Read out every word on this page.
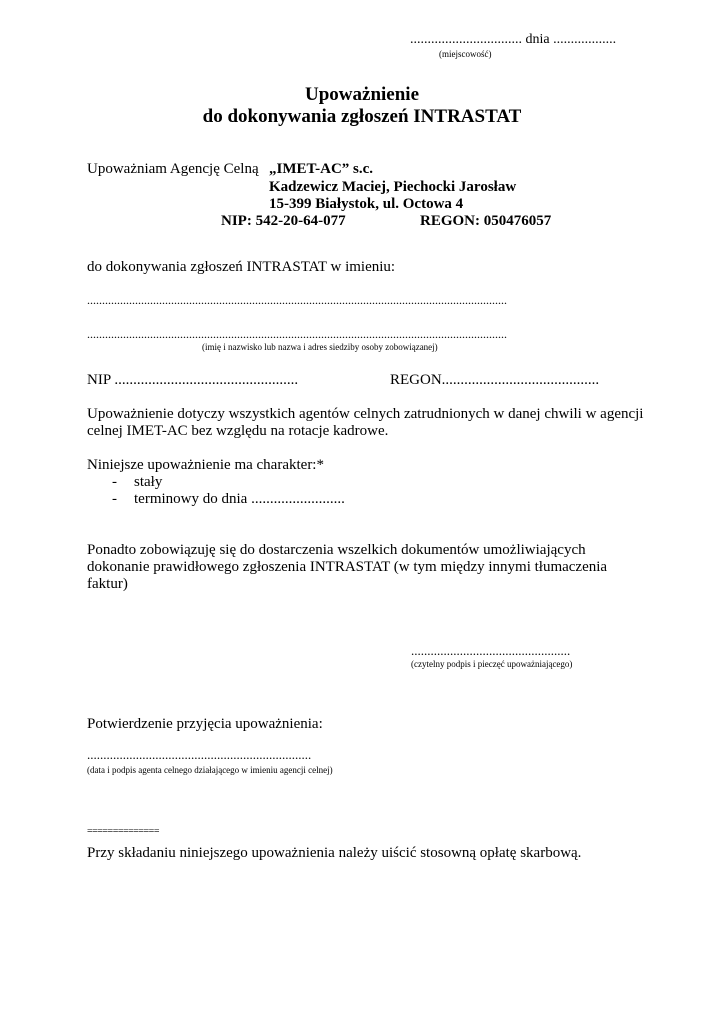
................................ dnia ..................
(miejscowość)
Upoważnienie
do dokonywania zgłoszeń INTRASTAT
Upoważniam Agencję Celną „IMET-AC” s.c.
Kadzewicz Maciej, Piechocki Jarosław
15-399 Białystok, ul. Octowa 4
NIP: 542-20-64-077	REGON: 050476057
do dokonywania zgłoszeń INTRASTAT w imieniu:
............................................................................................................................................
............................................................................................................................................
(imię i nazwisko lub nazwa i adres siedziby osoby zobowiązanej)
NIP .................................................	REGON..........................................
Upoważnienie dotyczy wszystkich agentów celnych zatrudnionych w danej chwili w agencji
celnej IMET-AC bez względu na rotacje kadrowe.
Niniejsze upoważnienie ma charakter:*
- stały
- terminowy do dnia .........................
Ponadto zobowiązuję się do dostarczenia wszelkich dokumentów umożliwiających
dokonanie prawidłowego zgłoszenia INTRASTAT (w tym między innymi tłumaczenia
faktur)
.................................................
(czytelny podpis i pieczęć upoważniającego)
Potwierdzenie przyjęcia upoważnienia:
.....................................................................
(data i podpis agenta celnego działającego w imieniu agencji celnej)
==============
Przy składaniu niniejszego upoważnienia należy uiścić stosowną opłatę skarbową.
